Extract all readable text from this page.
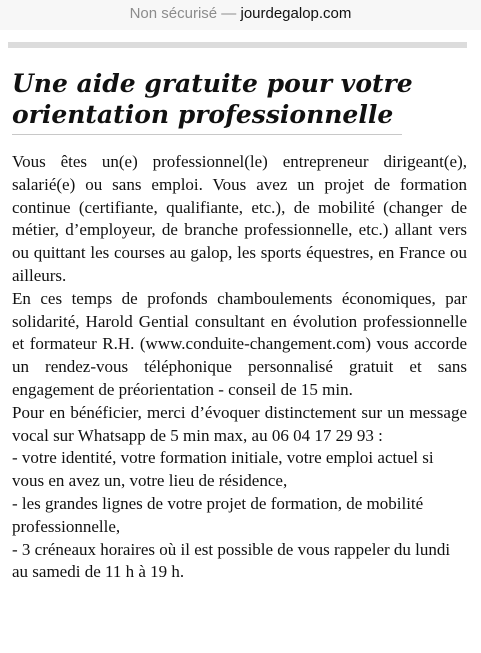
Non sécurisé — jourdegalop.com
Une aide gratuite pour votre orientation professionnelle

Vous êtes un(e) professionnel(le) entrepreneur dirigeant(e), salarié(e) ou sans emploi. Vous avez un projet de formation continue (certifiante, qualifiante, etc.), de mobilité (changer de métier, d’employeur, de branche professionnelle, etc.) allant vers ou quittant les courses au galop, les sports équestres, en France ou ailleurs.

En ces temps de profonds chamboulements économiques, par solidarité, Harold Gential consultant en évolution professionnelle et formateur R.H. (www.conduite-changement.com) vous accorde un rendez-vous téléphonique personnalisé gratuit et sans engagement de préorientation - conseil de 15 min.

Pour en bénéficier, merci d’évoquer distinctement sur un message vocal sur Whatsapp de 5 min max, au 06 04 17 29 93 :

- votre identité, votre formation initiale, votre emploi actuel si vous en avez un, votre lieu de résidence,

- les grandes lignes de votre projet de formation, de mobilité professionnelle,

- 3 créneaux horaires où il est possible de vous rappeler du lundi au samedi de 11 h à 19 h.
